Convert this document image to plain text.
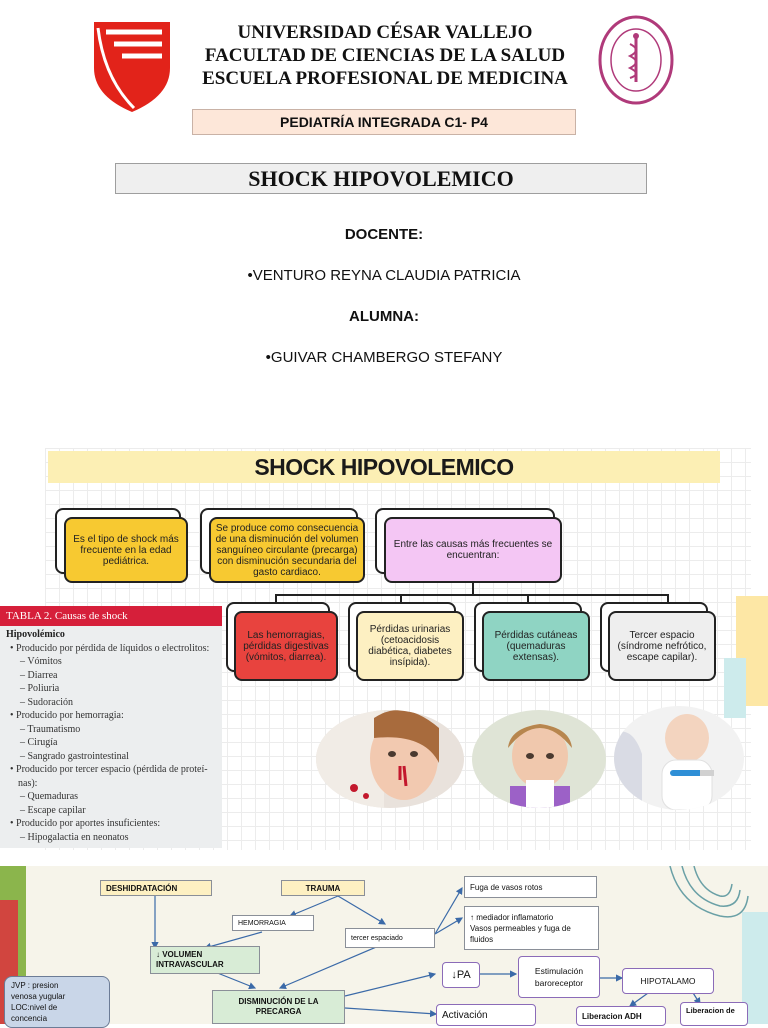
UNIVERSIDAD CÉSAR VALLEJO
FACULTAD DE CIENCIAS DE LA SALUD
ESCUELA PROFESIONAL DE MEDICINA
PEDIATRÍA INTEGRADA C1- P4
SHOCK HIPOVOLEMICO
DOCENTE:
•VENTURO REYNA CLAUDIA PATRICIA
ALUMNA:
•GUIVAR CHAMBERGO STEFANY
SHOCK HIPOVOLEMICO
Es el tipo de shock más frecuente en la edad pediátrica.
Se produce como consecuencia de una disminución del volumen sanguíneo circulante (precarga) con disminución secundaria del gasto cardiaco.
Entre las causas más frecuentes se encuentran:
Las hemorragias, pérdidas digestivas (vómitos, diarrea).
Pérdidas urinarias (cetoacidosis diabética, diabetes insípida).
Pérdidas cutáneas (quemaduras extensas).
Tercer espacio (síndrome nefrótico, escape capilar).
TABLA 2. Causas de shock
Hipovolémico
• Producido por pérdida de líquidos o electrolitos:
– Vómitos
– Diarrea
– Poliuria
– Sudoración
• Producido por hemorragia:
– Traumatismo
– Cirugía
– Sangrado gastrointestinal
• Producido por tercer espacio (pérdida de proteí-
nas):
– Quemaduras
– Escape capilar
• Producido por aportes insuficientes:
– Hipogalactia en neonatos
DESHIDRATACIÓN	TRAUMA
HEMORRAGIA
tercer espaciado
↓ VOLUMEN INTRAVASCULAR
DISMINUCIÓN DE LA PRECARGA
Fuga de vasos rotos
↑ mediador inflamatorio
Vasos permeables y fuga de
fluidos
↓PA	Estimulación
baroreceptor	HIPOTALAMO
Activación	Liberacion ADH
Liberacion de
JVP : presion
venosa yugular
LOC:nivel de
concencia
